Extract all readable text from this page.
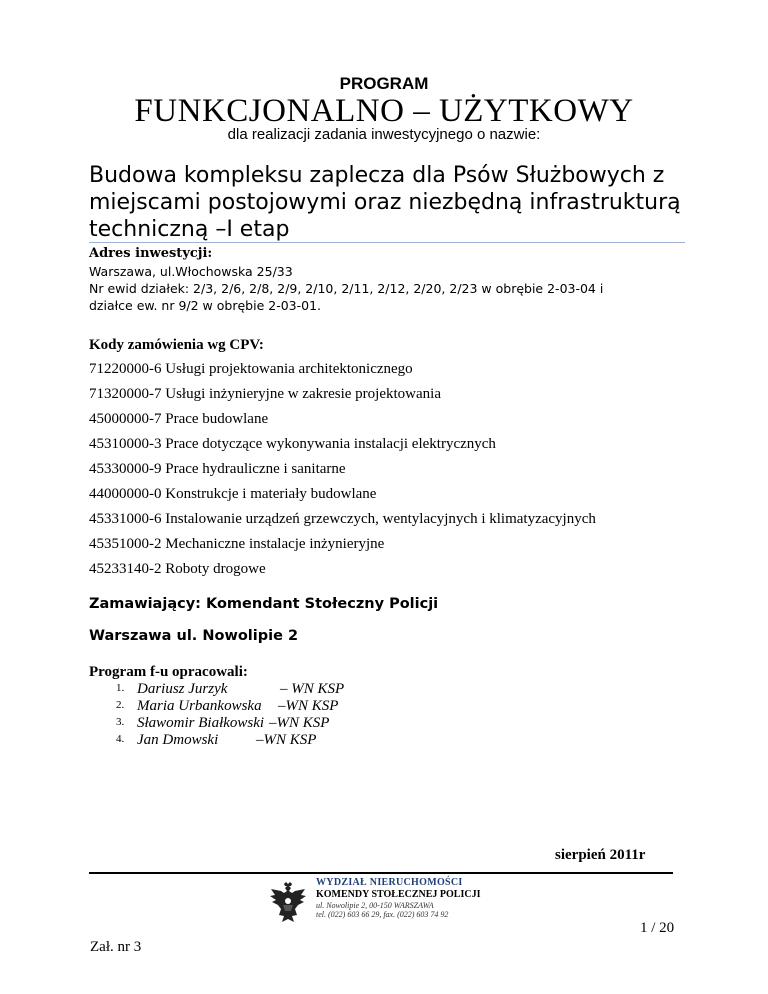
PROGRAM
FUNKCJONALNO – UŻYTKOWY
dla realizacji zadania inwestycyjnego o nazwie:
Budowa kompleksu zaplecza dla Psów Służbowych z miejscami postojowymi oraz niezbędną infrastrukturą techniczną –I etap
Adres inwestycji:
Warszawa, ul.Włochowska 25/33
Nr ewid działek: 2/3, 2/6, 2/8, 2/9, 2/10, 2/11, 2/12, 2/20, 2/23 w obrębie 2-03-04 i
działce ew. nr 9/2 w obrębie 2-03-01.
Kody zamówienia wg CPV:
71220000-6 Usługi projektowania architektonicznego
71320000-7 Usługi inżynieryjne w zakresie projektowania
45000000-7 Prace budowlane
45310000-3 Prace dotyczące wykonywania instalacji elektrycznych
45330000-9 Prace hydrauliczne i sanitarne
44000000-0 Konstrukcje i materiały budowlane
45331000-6 Instalowanie urządzeń grzewczych, wentylacyjnych i klimatyzacyjnych
45351000-2 Mechaniczne instalacje inżynieryjne
45233140-2 Roboty drogowe
Zamawiający: Komendant Stołeczny Policji
Warszawa ul. Nowolipie 2
Program f-u opracowali:
1. Dariusz Jurzyk	– WN KSP
2. Maria Urbankowska –WN KSP
3. Sławomir Białkowski –WN KSP
4. Jan Dmowski	–WN KSP
sierpień 2011r
WYDZIAŁ NIERUCHOMOŚCI
KOMENDY STOŁECZNEJ POLICJI
ul. Nowolipie 2, 00-150 WARSZAWA
tel. (022) 603 66 29, fax. (022) 603 74 92
1 / 20
Zał. nr 3
